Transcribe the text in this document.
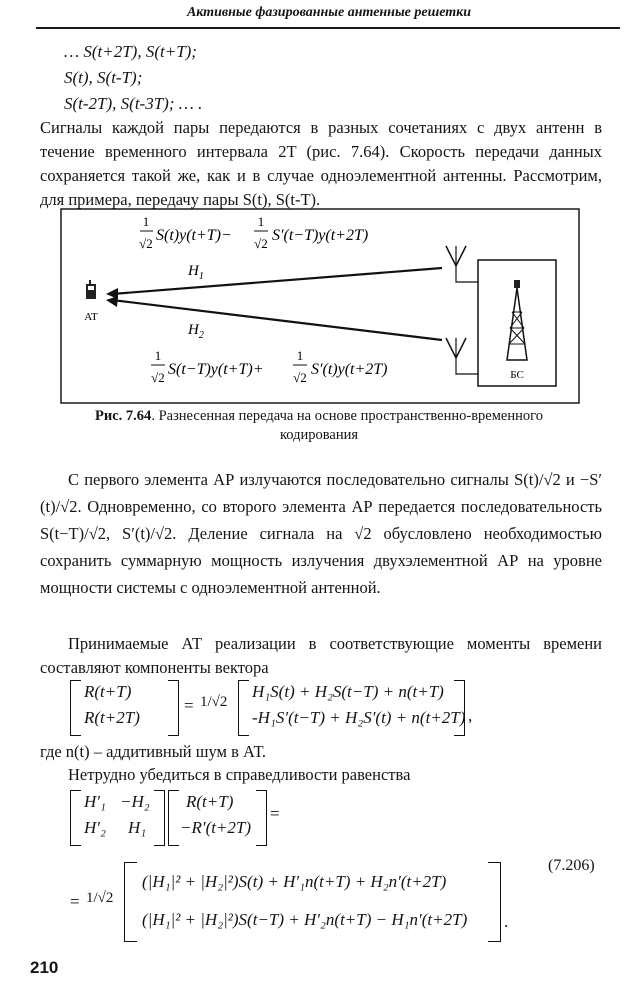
Активные фазированные антенные решетки
… S(t+2T), S(t+T);
S(t), S(t-T);
S(t-2T), S(t-3T); … .
Сигналы каждой пары передаются в разных сочетаниях с двух антенн в течение временного интервала 2T (рис. 7.64). Скорость передачи данных сохраняется такой же, как и в случае одноэлементной антенны. Рассмотрим, для примера, передачу пары S(t), S(t-T).
1
√2 S(t)y(t+T)−
1
√2 S′(t−T)y(t+2T)
$H_1$
$H_2$
AT
БС
1
√2 S(t−T)y(t+T)+
1
√2 S′(t)y(t+2T)
Рис. 7.64. Разнесенная передача на основе пространственно-временного кодирования
С первого элемента АР излучаются последовательно сигналы S(t)/√2 и −S′(t)/√2. Одновременно, со второго элемента АР передается последовательность S(t−T)/√2, S′(t)/√2. Деление сигнала на √2 обусловлено необходимостью сохранить суммарную мощность излучения двухэлементной АР на уровне мощности системы с одноэлементной антенной.
Принимаемые АТ реализации в соответствующие моменты времени составляют компоненты вектора
R(t+T)
R(t+2T)
= 1/√2
H₁S(t) + H₂S(t−T) + n(t+T)
-H₁S′(t−T) + H₂S′(t) + n(t+2T) ,
где n(t) – аддитивный шум в АТ.
Нетрудно убедиться в справедливости равенства
H′₁ −H₂
H′₂ H₁
R(t+T)
−R′(t+2T)
=
= 1/√2
(|H₁|² + |H₂|²)S(t) + H′₁n(t+T) + H₂n′(t+2T)
(|H₁|² + |H₂|²)S(t−T) + H′₂n(t+T) − H₁n′(t+2T) .
(7.206)
210
